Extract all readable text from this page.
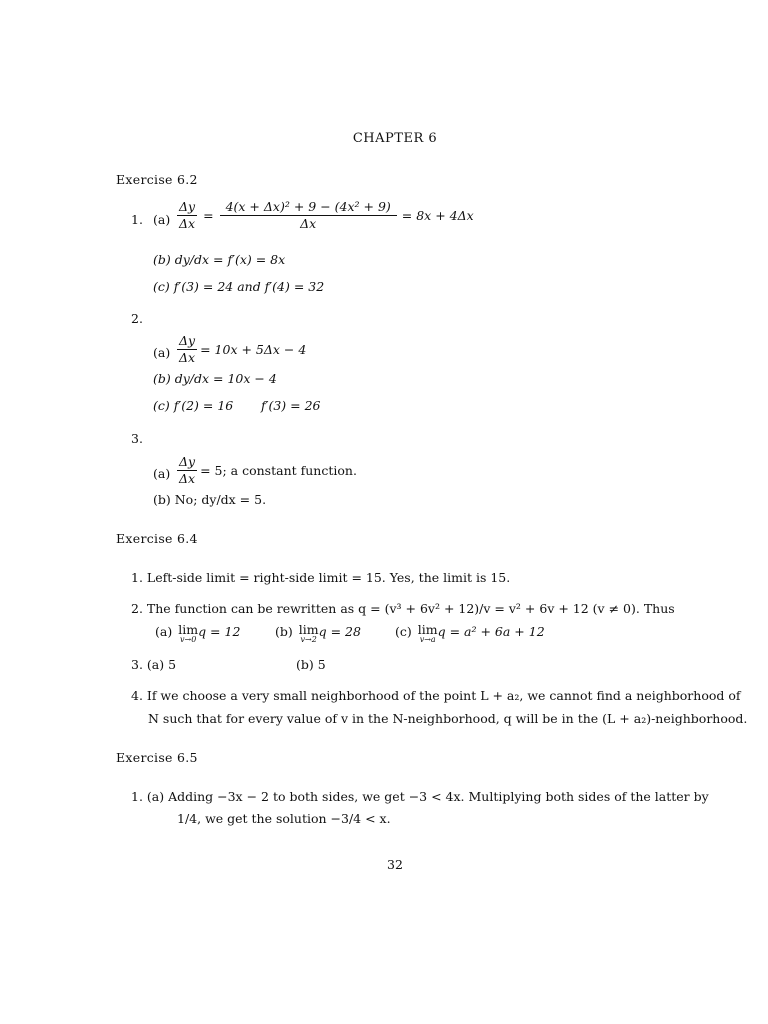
CHAPTER 6
Exercise 6.2
1. $(a) \frac{\Delta y}{\Delta x} = \frac{\text{4(x + Δx)² + 9 − (4x² + 9)}}{\Delta x} = 8x + 4\Delta x$
(b) dy/dx = f′(x) = 8x
(c) f′(3) = 24 and f′(4) = 32
2.
$(a) \frac{\Delta y}{\Delta x} = 10x + 5\Delta x - 4$
(b) dy/dx = 10x − 4
(c) f′(2) = 16 f′(3) = 26
3.
$(a) \frac{\Delta y}{\Delta x} = 5$; a constant function.
(b) No; dy/dx = 5.
Exercise 6.4
1. Left-side limit = right-side limit = 15. Yes, the limit is 15.
2. The function can be rewritten as q = (v³ + 6v² + 12)/v = v² + 6v + 12 (v ≠ 0). Thus
(a) lim
v→0
q = 12	(b) lim
v→2
q = 28	(c) lim
v→a
q = a² + 6a + 12
3. (a) 5	(b) 5
4. If we choose a very small neighborhood of the point L + a₂, we cannot find a neighborhood of
N such that for every value of v in the N-neighborhood, q will be in the (L + a₂)-neighborhood.
Exercise 6.5
1. (a) Adding −3x − 2 to both sides, we get −3 < 4x. Multiplying both sides of the latter by
1/4, we get the solution −3/4 < x.
32
